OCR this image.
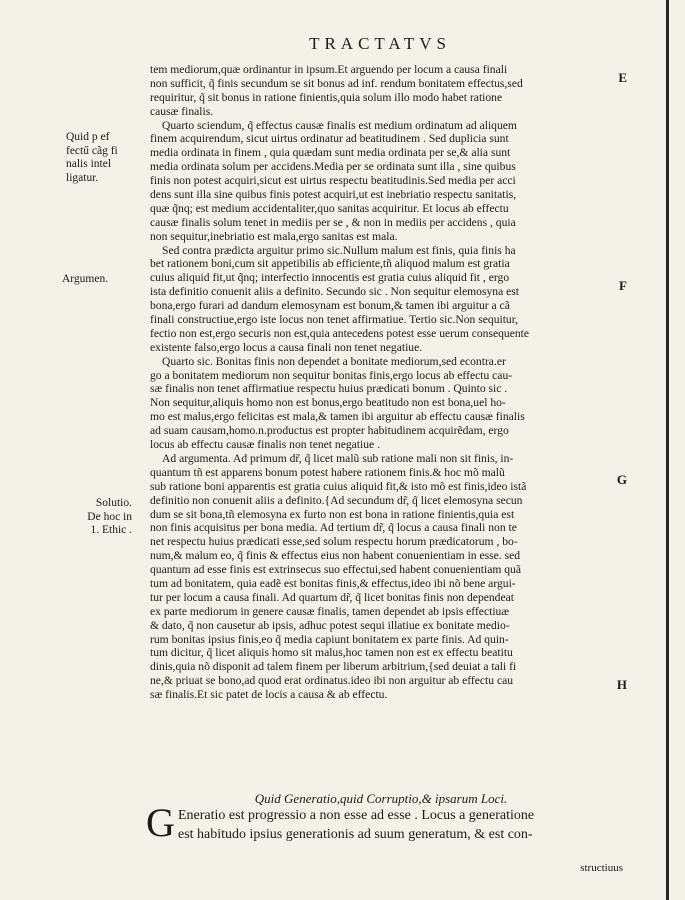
TRACTATVS
E
F
G
H
Quid p ef
fectű cãg fi
nalis intel
ligatur.
Argumen.
Solutio.
De hoc in
1. Ethic .
tem mediorum,quæ ordinantur in ipsum.Et arguendo per locum a causa finali
non sufficit, q̃ finis secundum se sit bonus ad inf. rendum bonitatem effectus,sed
requiritur, q̃ sit bonus in ratione finientis,quia solum illo modo habet ratione
causæ finalis.
Quarto sciendum, q̃ effectus causæ finalis est medium ordinatum ad aliquem
finem acquirendum, sicut uirtus ordinatur ad beatitudinem . Sed duplicia sunt
media ordinata in finem , quia quædam sunt media ordinata per se,& alia sunt
media ordinata solum per accidens.Media per se ordinata sunt illa , sine quibus
finis non potest acquiri,sicut est uirtus respectu beatitudinis.Sed media per acci
dens sunt illa sine quibus finis potest acquiri,ut est inebriatio respectu sanitatis,
quæ q̃nq; est medium accidentaliter,quo sanitas acquiritur. Et locus ab effectu
causæ finalis solum tenet in mediis per se , & non in mediis per accidens , quia
non sequitur,inebriatio est mala,ergo sanitas est mala.
Sed contra prædicta arguitur primo sic.Nullum malum est finis, quia finis ha
bet rationem boni,cum sit appetibilis ab efficiente,tñ aliquod malum est gratia
cuius aliquid fit,ut q̃nq; interfectio innocentis est gratia cuius aliquid fit , ergo
ista definitio conuenit aliis a definito. Secundo sic . Non sequitur elemosyna est
bona,ergo furari ad dandum elemosynam est bonum,& tamen ibi arguitur a cã
finali constructiue,ergo iste locus non tenet affirmatiue. Tertio sic.Non sequitur,
fectio non est,ergo securis non est,quia antecedens potest esse uerum consequente
existente falso,ergo locus a causa finali non tenet negatiue.
Quarto sic. Bonitas finis non dependet a bonitate mediorum,sed econtra.er
go a bonitatem mediorum non sequitur bonitas finis,ergo locus ab effectu cau-
sæ finalis non tenet affirmatiue respectu huius prædicati bonum . Quinto sic .
Non sequitur,aliquis homo non est bonus,ergo beatitudo non est bona,uel ho-
mo est malus,ergo felicitas est mala,& tamen ibi arguitur ab effectu causæ finalis
ad suam causam,homo.n.productus est propter habitudinem acquirẽdam, ergo
locus ab effectu causæ finalis non tenet negatiue .
Ad argumenta. Ad primum dr̃, q̃ licet malũ sub ratione mali non sit finis, in-
quantum tñ est apparens bonum potest habere rationem finis.& hoc mõ malũ
sub ratione boni apparentis est gratia cuius aliquid fit,& isto mõ est finis,ideo istã
definitio non conuenit aliis a definito.{Ad secundum dr̃, q̃ licet elemosyna secun
dum se sit bona,tñ elemosyna ex furto non est bona in ratione finientis,quia est
non finis acquisitus per bona media. Ad tertium dr̃, q̃ locus a causa finali non te
net respectu huius prædicati esse,sed solum respectu horum prædicatorum , bo-
num,& malum eo, q̃ finis & effectus eius non habent conuenientiam in esse. sed
quantum ad esse finis est extrinsecus suo effectui,sed habent conuenientiam quã
tum ad bonitatem, quia eadẽ est bonitas finis,& effectus,ideo ibi nõ bene argui-
tur per locum a causa finali. Ad quartum dr̃, q̃ licet bonitas finis non dependeat
ex parte mediorum in genere causæ finalis, tamen dependet ab ipsis effectiuæ
& dato, q̃ non causetur ab ipsis, adhuc potest sequi illatiue ex bonitate medio-
rum bonitas ipsius finis,eo q̃ media capiunt bonitatem ex parte finis. Ad quin-
tum dicitur, q̃ licet aliquis homo sit malus,hoc tamen non est ex effectu beatitu
dinis,quia nõ disponit ad talem finem per liberum arbitrium,{sed deuiat a tali fi
ne,& priuat se bono,ad quod erat ordinatus.ideo ibi non arguitur ab effectu cau
sæ finalis.Et sic patet de locis a causa & ab effectu.
Quid Generatio,quid Corruptio,& ipsarum Loci.
G Eneratio est progressio a non esse ad esse . Locus a generatione
est habitudo ipsius generationis ad suum generatum, & est con-
structiuus
